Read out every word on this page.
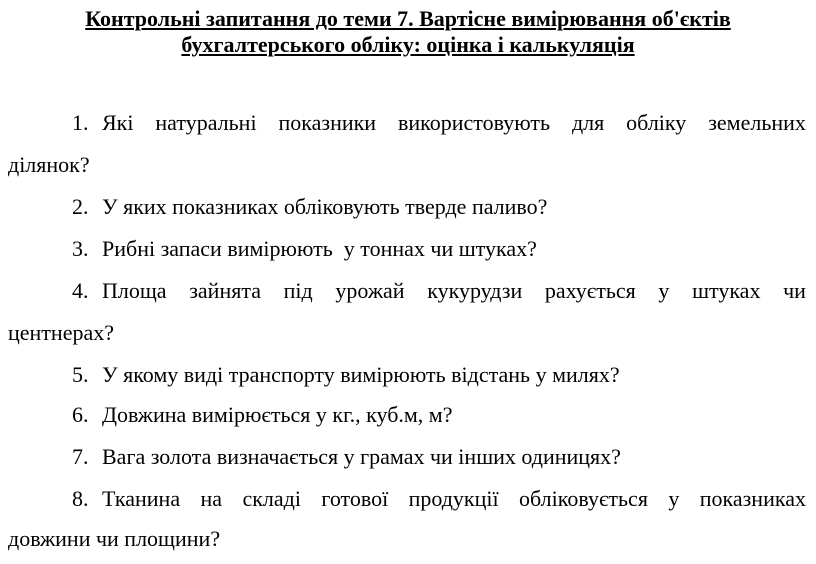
Контрольні запитання до теми 7. Вартісне вимірювання об'єктів
бухгалтерського обліку: оцінка і калькуляція
1. Які натуральні показники використовують для обліку земельних
ділянок?
2. У яких показниках обліковують тверде паливо?
3. Рибні запаси вимірюють  у тоннах чи штуках?
4. Площа зайнята під урожай кукурудзи рахується у штуках чи
центнерах?
5. У якому виді транспорту вимірюють відстань у милях?
6. Довжина вимірюється у кг., куб.м, м?
7. Вага золота визначається у грамах чи інших одиницях?
8. Тканина на складі готової продукції обліковується у показниках
довжини чи площини?
